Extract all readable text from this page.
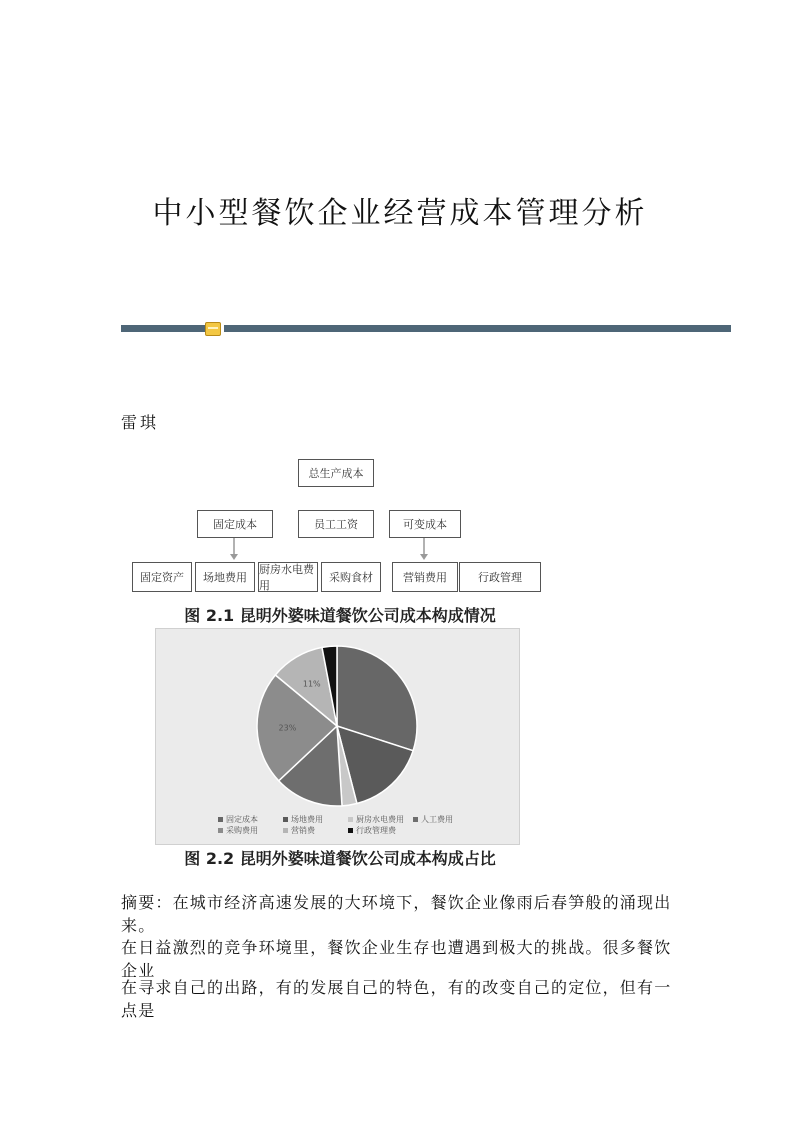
中小型餐饮企业经营成本管理分析
雷琪
总生产成本
固定成本	员工工资	可变成本
固定资产	场地费用
厨房水电费用
采购食材	营销费用	行政管理
图 2.1 昆明外婆味道餐饮公司成本构成情况
23%
11%
固定成本	场地费用	厨房水电费用 人工费用
采购费用	营销费	行政管理费
图 2.2 昆明外婆味道餐饮公司成本构成占比
摘要：在城市经济高速发展的大环境下，餐饮企业像雨后春笋般的涌现出来。
在日益激烈的竞争环境里，餐饮企业生存也遭遇到极大的挑战。很多餐饮企业
在寻求自己的出路，有的发展自己的特色，有的改变自己的定位，但有一点是
